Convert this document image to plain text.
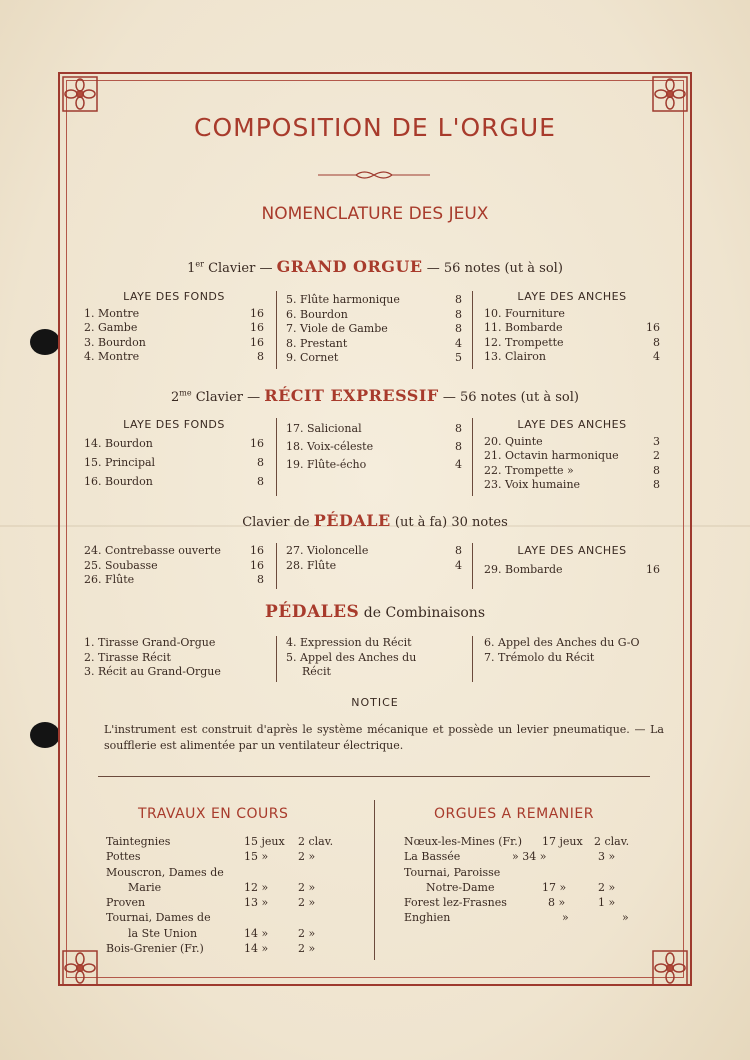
COMPOSITION DE L'ORGUE
NOMENCLATURE DES JEUX
1er Clavier — GRAND ORGUE — 56 notes (ut à sol)
LAYE DES FONDS
1. Montre	16
2. Gambe	16
3. Bourdon	16
4. Montre	8
5. Flûte harmonique	8
6. Bourdon	8
7. Viole de Gambe	8
8. Prestant	4
9. Cornet	5
LAYE DES ANCHES
10. Fourniture
11. Bombarde	16
12. Trompette	8
13. Clairon	4
$2^{me}$ Clavier — RÉCIT EXPRESSIF — 56 notes (ut à sol)
LAYE DES FONDS
14. Bourdon	16
15. Principal	8
16. Bourdon	8
17. Salicional	8
18. Voix-céleste	8
19. Flûte-écho	4
LAYE DES ANCHES
20. Quinte	3
21. Octavin harmonique	2
22. Trompette »	8
23. Voix humaine	8
Clavier de PÉDALE (ut à fa) 30 notes
24. Contrebasse ouverte	16
25. Soubasse	16
26. Flûte	8
27. Violoncelle	8
28. Flûte	4
LAYE DES ANCHES
29. Bombarde	16
PÉDALES de Combinaisons
1. Tirasse Grand-Orgue
2. Tirasse Récit
3. Récit au Grand-Orgue
4. Expression du Récit
5. Appel des Anches du
Récit
6. Appel des Anches du G-O
7. Trémolo du Récit
NOTICE
L'instrument est construit d'après le système mécanique et possède un levier pneumatique. — La soufflerie est alimentée par un ventilateur électrique.
TRAVAUX EN COURS
Taintegnies	15 jeux 2 clav.
Pottes	15 »	2 »
Mouscron, Dames de
Marie	12 »	2 »
Proven	13 »	2 »
Tournai, Dames de
la Ste Union	14 »	2 »
Bois-Grenier (Fr.)	14 »	2 »
ORGUES A REMANIER
Nœux-les-Mines (Fr.) 17 jeux 2 clav.
La Bassée	» 34 »	3 »
Tournai, Paroisse
Notre-Dame	17 »	2 »
Forest lez-Frasnes	8 »	1 »
Enghien	»	»
